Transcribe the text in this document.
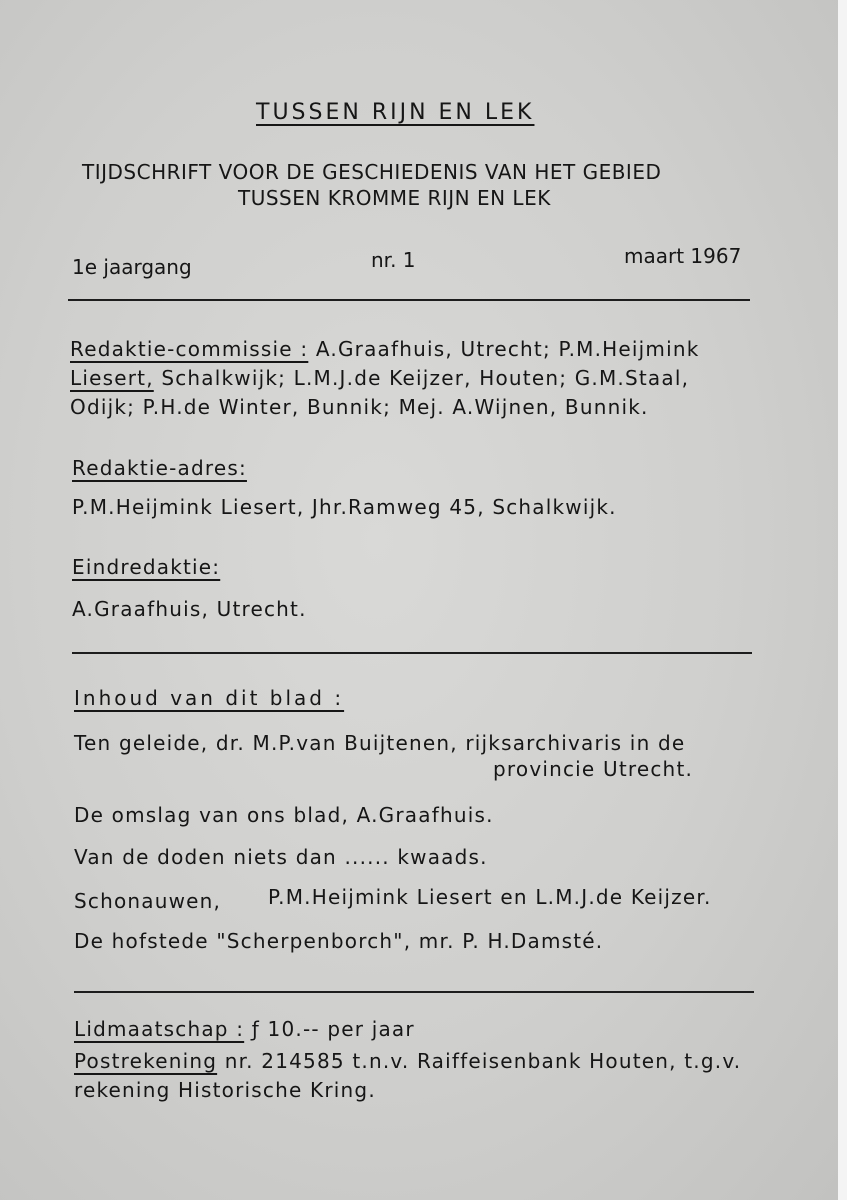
TUSSEN RIJN EN LEK
TIJDSCHRIFT VOOR DE GESCHIEDENIS VAN HET GEBIED
TUSSEN KROMME RIJN EN LEK
1e jaargang	nr. 1	maart 1967
Redaktie-commissie : A.Graafhuis, Utrecht; P.M.Heijmink
Liesert, Schalkwijk; L.M.J.de Keijzer, Houten; G.M.Staal,
Odijk; P.H.de Winter, Bunnik; Mej. A.Wijnen, Bunnik.
Redaktie-adres:
P.M.Heijmink Liesert, Jhr.Ramweg 45, Schalkwijk.
Eindredaktie:
A.Graafhuis, Utrecht.
Inhoud van dit blad :
Ten geleide, dr. M.P.van Buijtenen, rijksarchivaris in de
provincie Utrecht.
De omslag van ons blad, A.Graafhuis.
Van de doden niets dan ...... kwaads.
Schonauwen, P.M.Heijmink Liesert en L.M.J.de Keijzer.
De hofstede "Scherpenborch", mr. P. H.Damsté.
Lidmaatschap : ƒ 10.-- per jaar
Postrekening nr. 214585 t.n.v. Raiffeisenbank Houten, t.g.v.
rekening Historische Kring.
